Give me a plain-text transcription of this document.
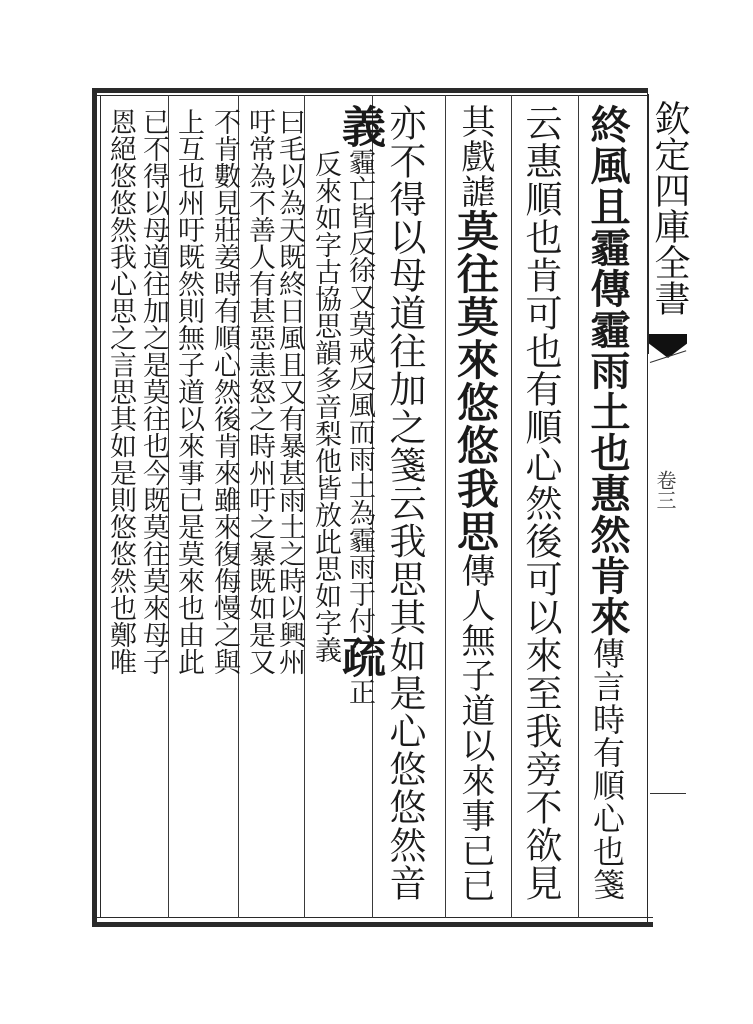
欽定四庫全書
卷三
終風且霾傳霾雨土也惠然肯來傳言時有順心也箋
云惠順也肯可也有順心然後可以來至我旁不欲見
其戲謔莫往莫來悠悠我思傳人無子道以來事已已
亦不得以母道往加之箋云我思其如是心悠悠然音
義霾亡皆反徐又莫戒反風而雨土為霾雨于付疏正
反來如字古協思韻多音梨他皆放此思如字義
曰毛以為天既終日風且又有暴甚雨土之時以興州
吁常為不善人有甚惡恚怒之時州吁之暴既如是又
不肯數見莊姜時有順心然後肯來雖來復侮慢之與
上互也州吁既然則無子道以來事已是莫來也由此
已不得以母道往加之是莫往也今既莫往莫來母子
恩絕悠悠然我心思之言思其如是則悠悠然也鄭唯
